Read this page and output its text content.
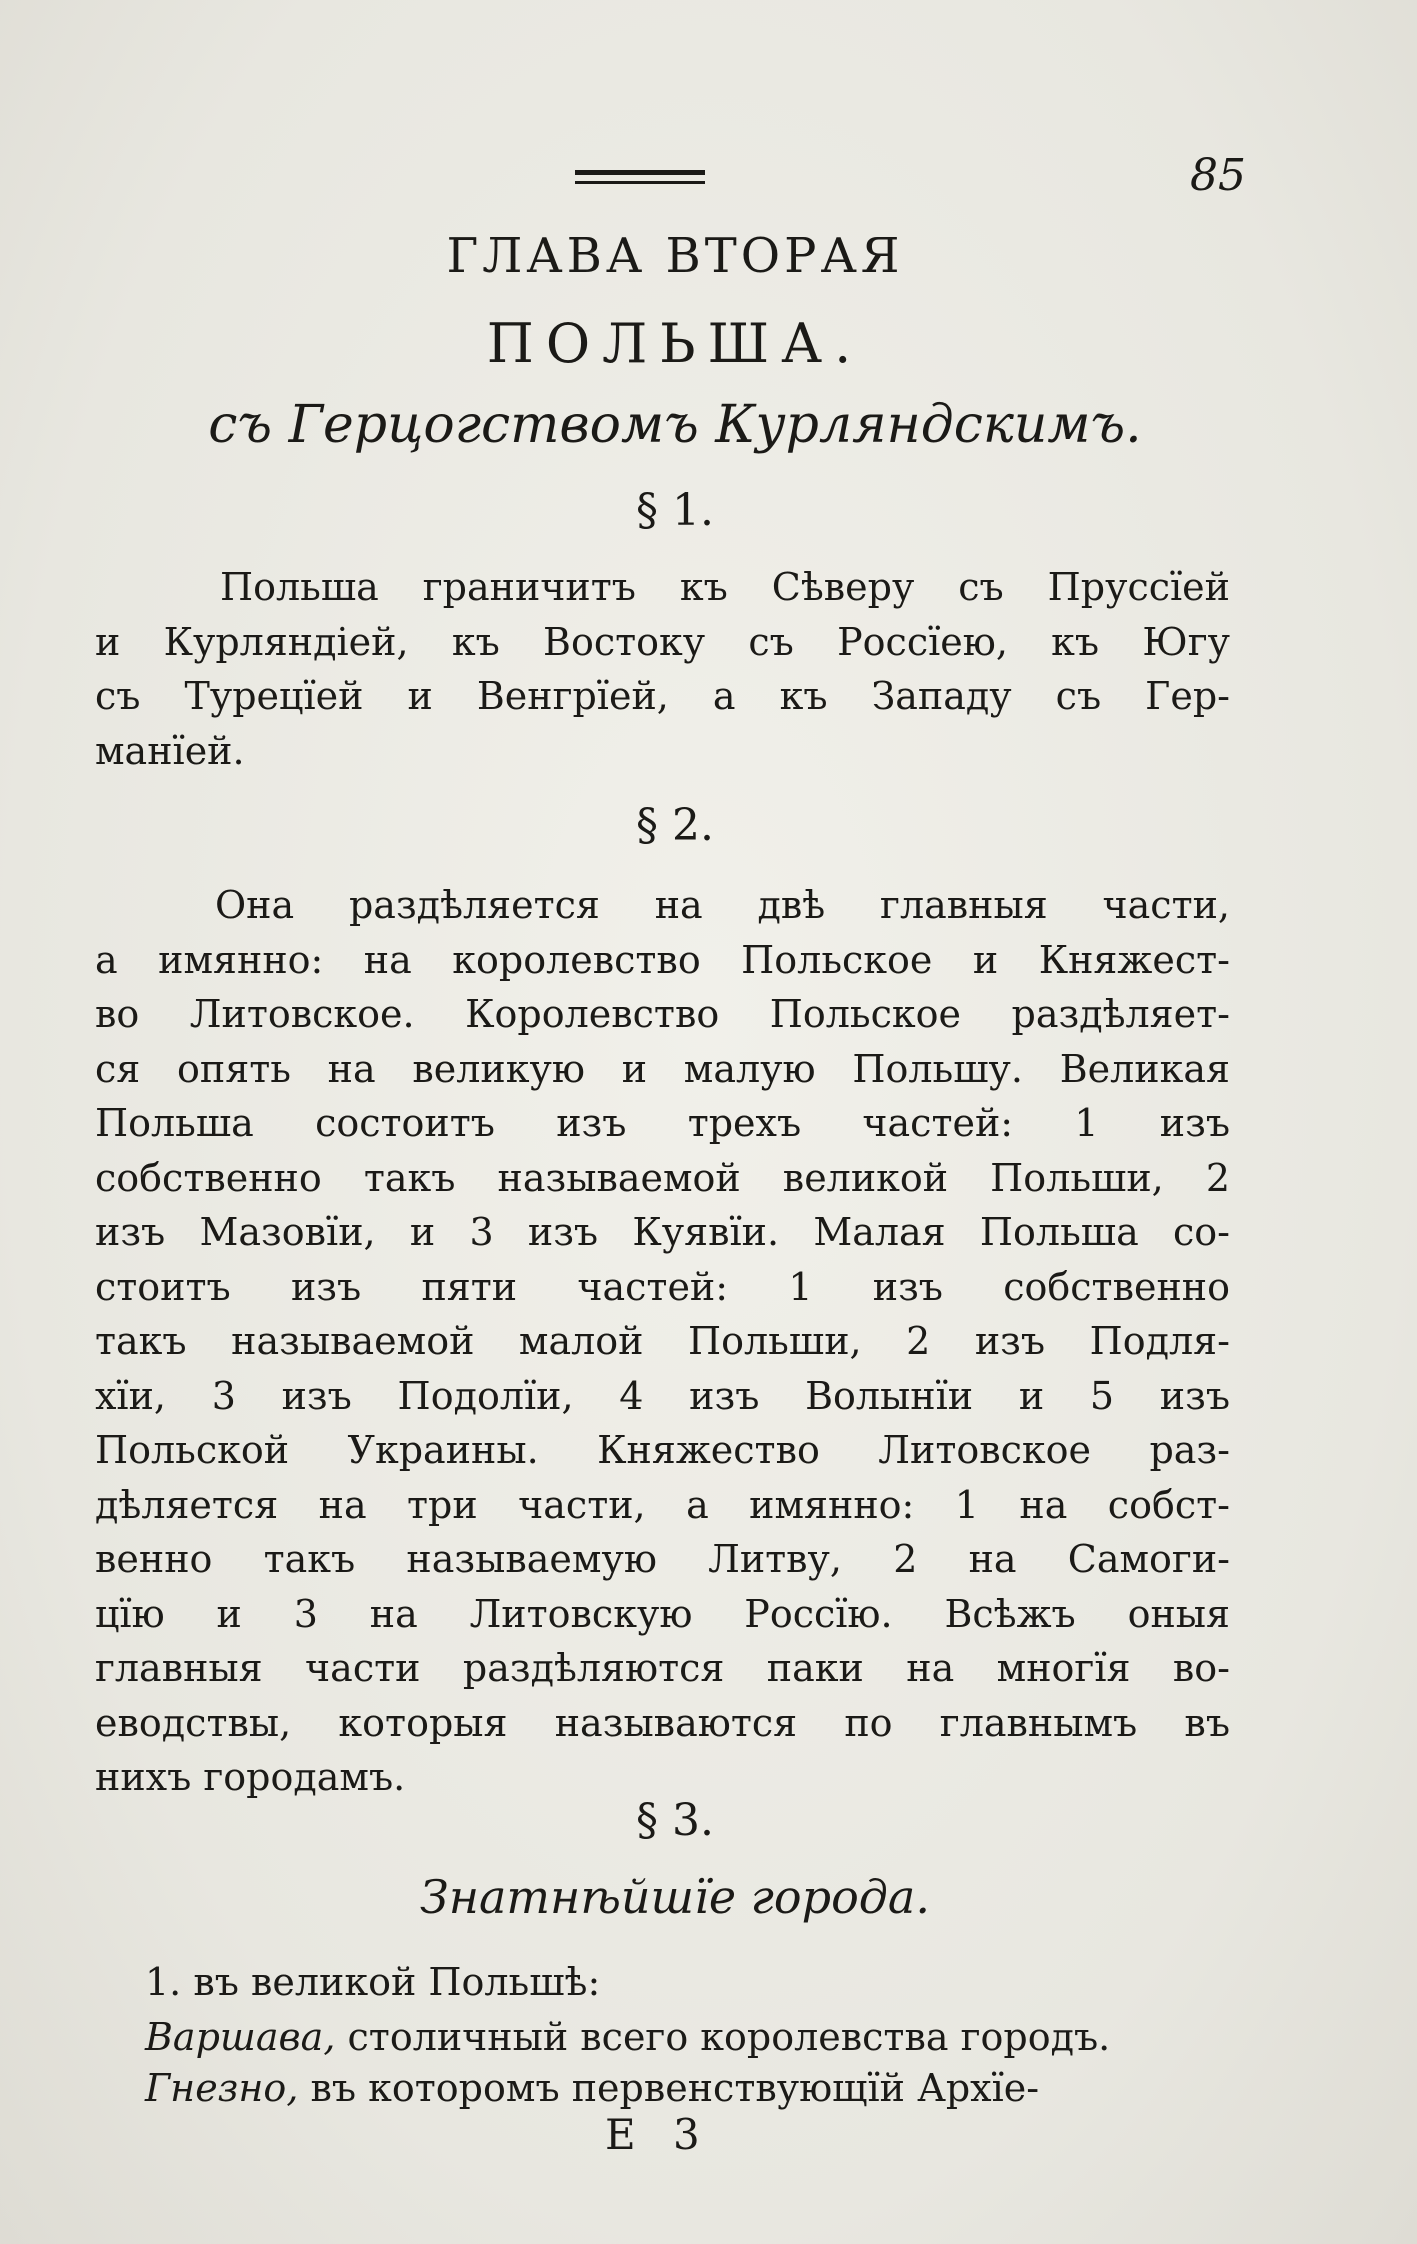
85
ГЛАВА ВТОРАЯ
ПОЛЬША.
съ Герцогствомъ Курляндскимъ.
§ 1.
Польша граничитъ къ Сѣверу съ Пруссїей
и Курляндіей, къ Востоку съ Россїею, къ Югу
съ Турецїей и Венгрїей, а къ Западу съ Гер-
манїей.
§ 2.
Она раздѣляется на двѣ главныя части,
а имянно: на королевство Польское и Княжест-
во Литовское. Королевство Польское раздѣляет-
ся опять на великую и малую Польшу. Великая
Польша состоитъ изъ трехъ частей: 1 изъ
собственно такъ называемой великой Польши, 2
изъ Мазовїи, и 3 изъ Куявїи. Малая Польша со-
стоитъ изъ пяти частей: 1 изъ собственно
такъ называемой малой Польши, 2 изъ Подля-
хїи, 3 изъ Подолїи, 4 изъ Волынїи и 5 изъ
Польской Украины. Княжество Литовское раз-
дѣляется на три части, а имянно: 1 на собст-
венно такъ называемую Литву, 2 на Самоги-
цїю и 3 на Литовскую Россїю. Всѣжъ оныя
главныя части раздѣляются паки на многїя во-
еводствы, которыя называются по главнымъ въ
нихъ городамъ.
§ 3.
Знатнѣйшїе города.
1. въ великой Польшѣ:
Варшава, столичный всего королевства городъ.
Гнезно, въ которомъ первенствующїй Архїе-
Е 3
